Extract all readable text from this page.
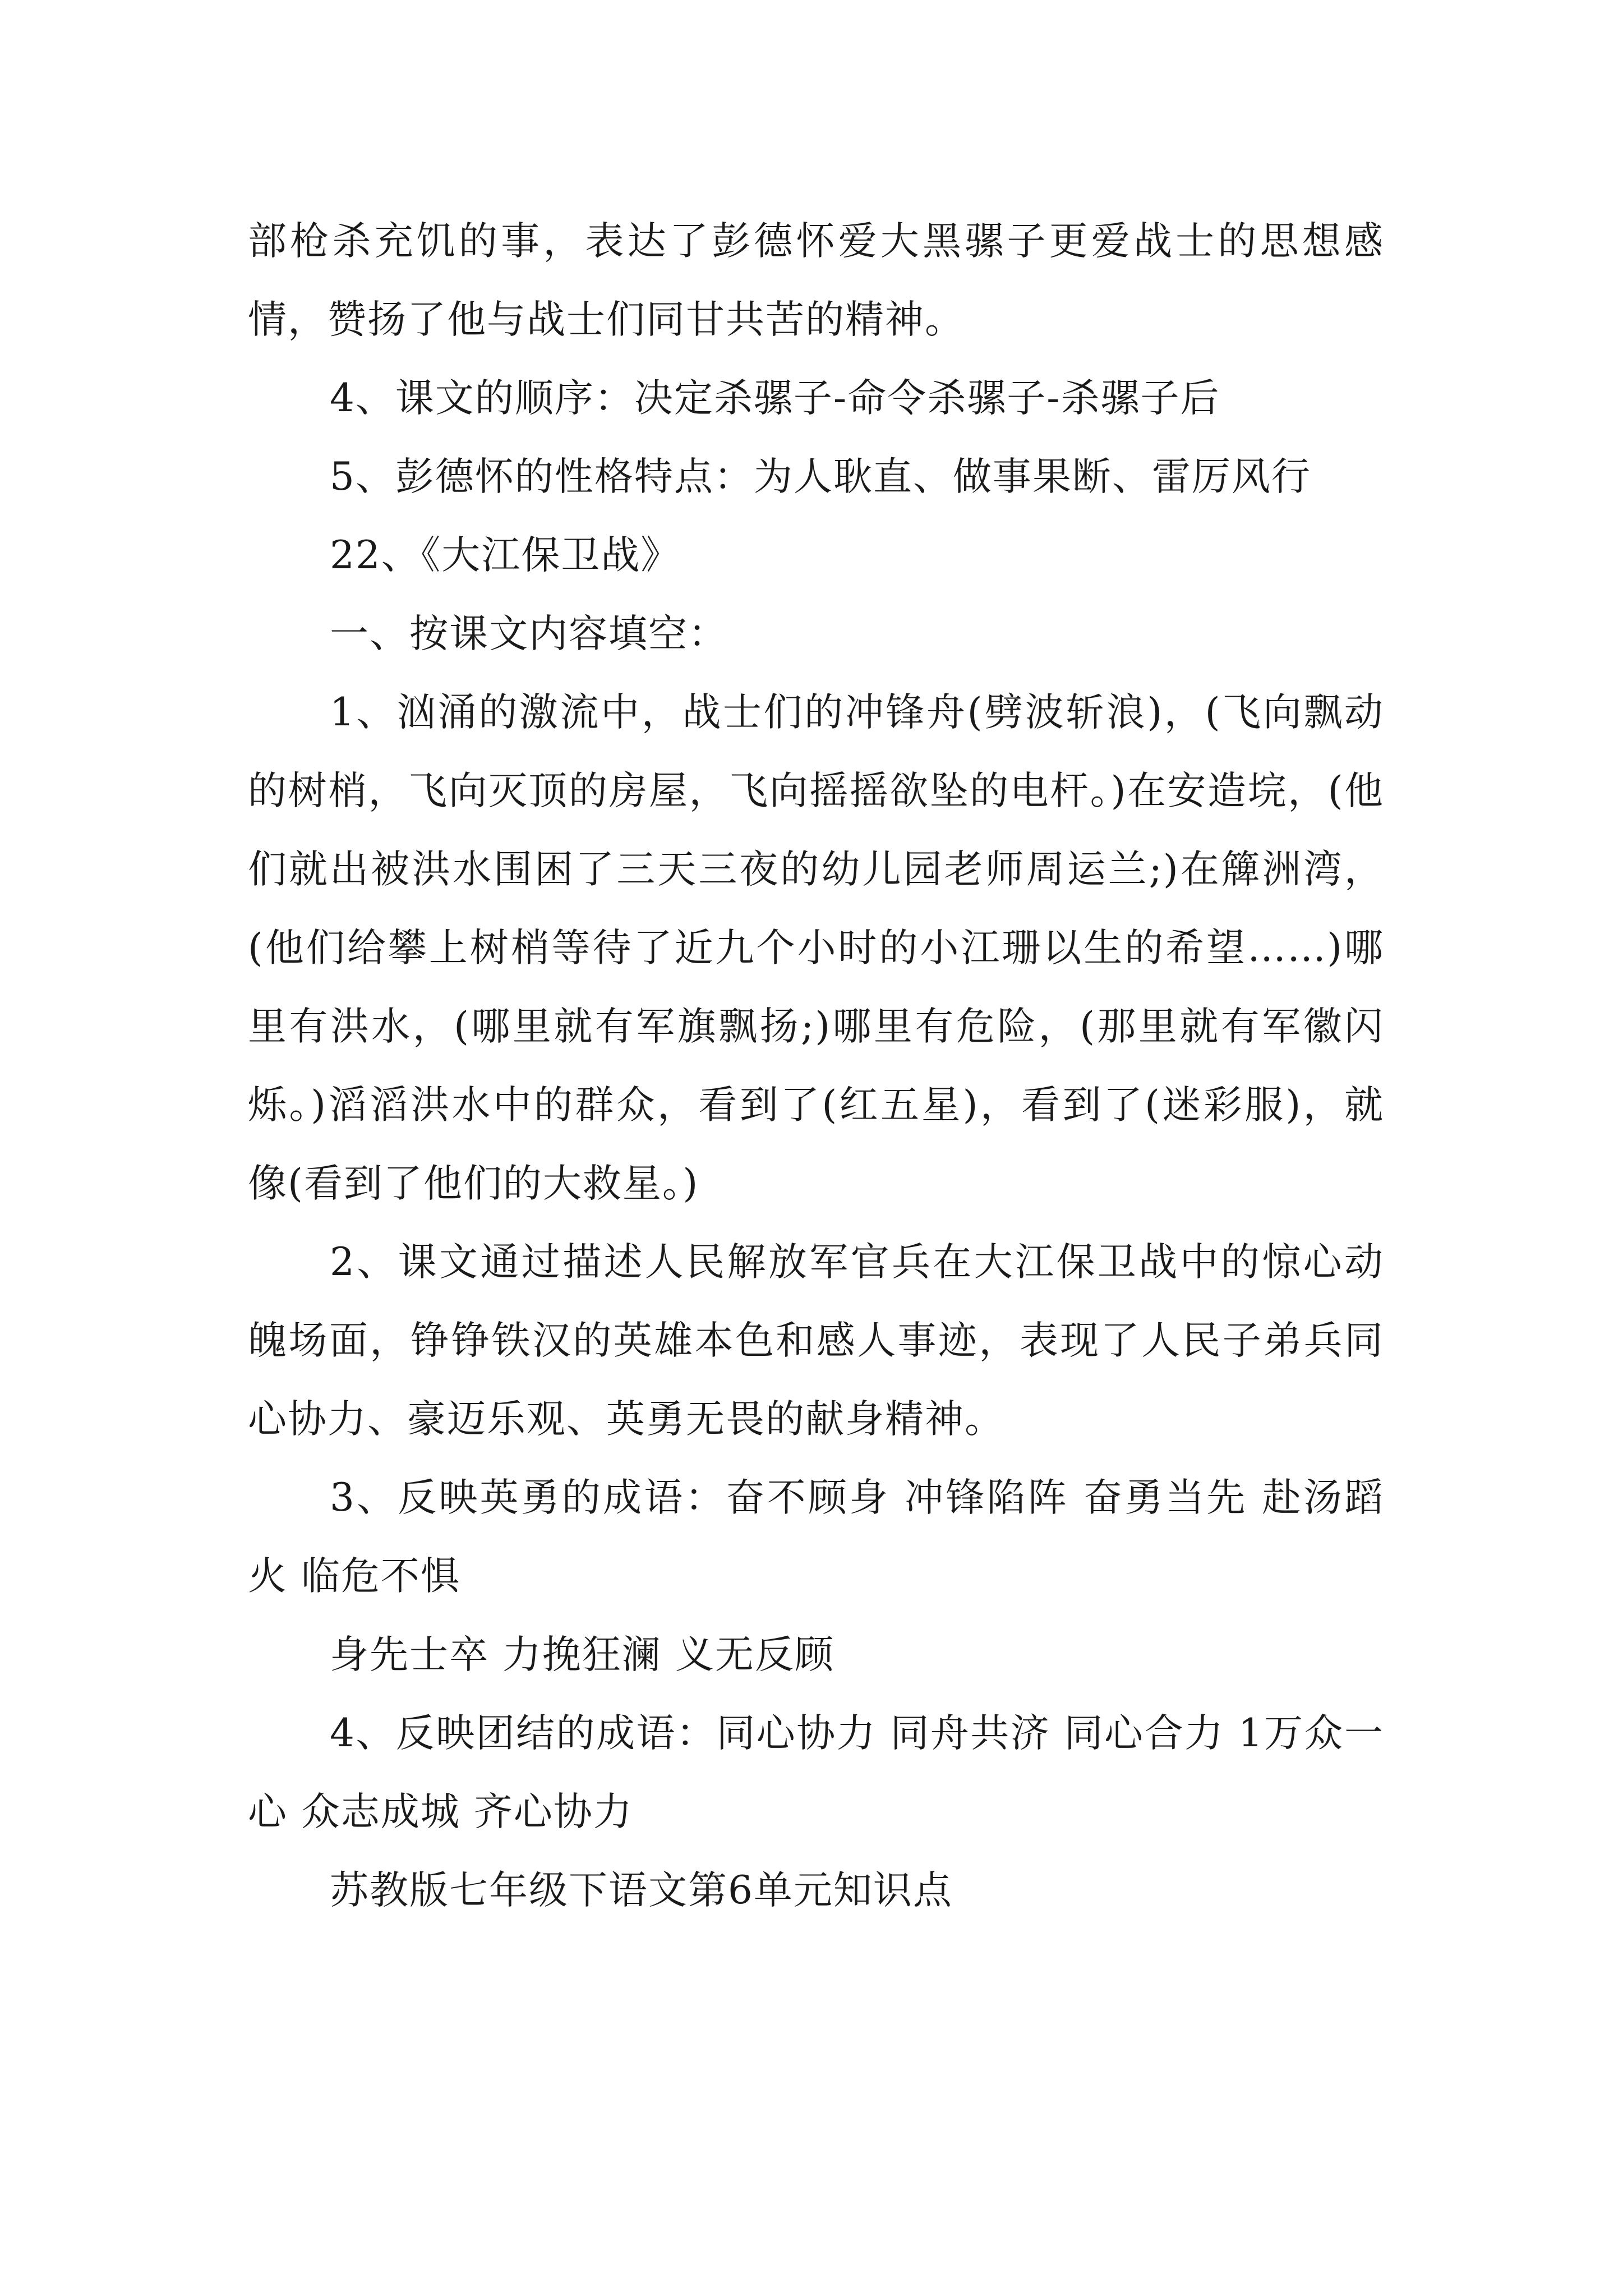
部枪杀充饥的事，表达了彭德怀爱大黑骡子更爱战士的思想感情，赞扬了他与战士们同甘共苦的精神。

4、课文的顺序：决定杀骡子-命令杀骡子-杀骡子后

5、彭德怀的性格特点：为人耿直、做事果断、雷厉风行

22、《大江保卫战》

一、按课文内容填空：

1、汹涌的激流中，战士们的冲锋舟(劈波斩浪)，(飞向飘动的树梢，飞向灭顶的房屋，飞向摇摇欲坠的电杆。)在安造垸，(他们就出被洪水围困了三天三夜的幼儿园老师周运兰;)在簰洲湾，(他们给攀上树梢等待了近九个小时的小江珊以生的希望……)哪里有洪水，(哪里就有军旗飘扬;)哪里有危险，(那里就有军徽闪烁。)滔滔洪水中的群众，看到了(红五星)，看到了(迷彩服)，就像(看到了他们的大救星。)

2、课文通过描述人民解放军官兵在大江保卫战中的惊心动魄场面，铮铮铁汉的英雄本色和感人事迹，表现了人民子弟兵同心协力、豪迈乐观、英勇无畏的献身精神。

3、反映英勇的成语：奋不顾身 冲锋陷阵 奋勇当先 赴汤蹈火 临危不惧

身先士卒 力挽狂澜 义无反顾

4、反映团结的成语：同心协力 同舟共济 同心合力 1万众一心 众志成城 齐心协力

苏教版七年级下语文第6单元知识点
